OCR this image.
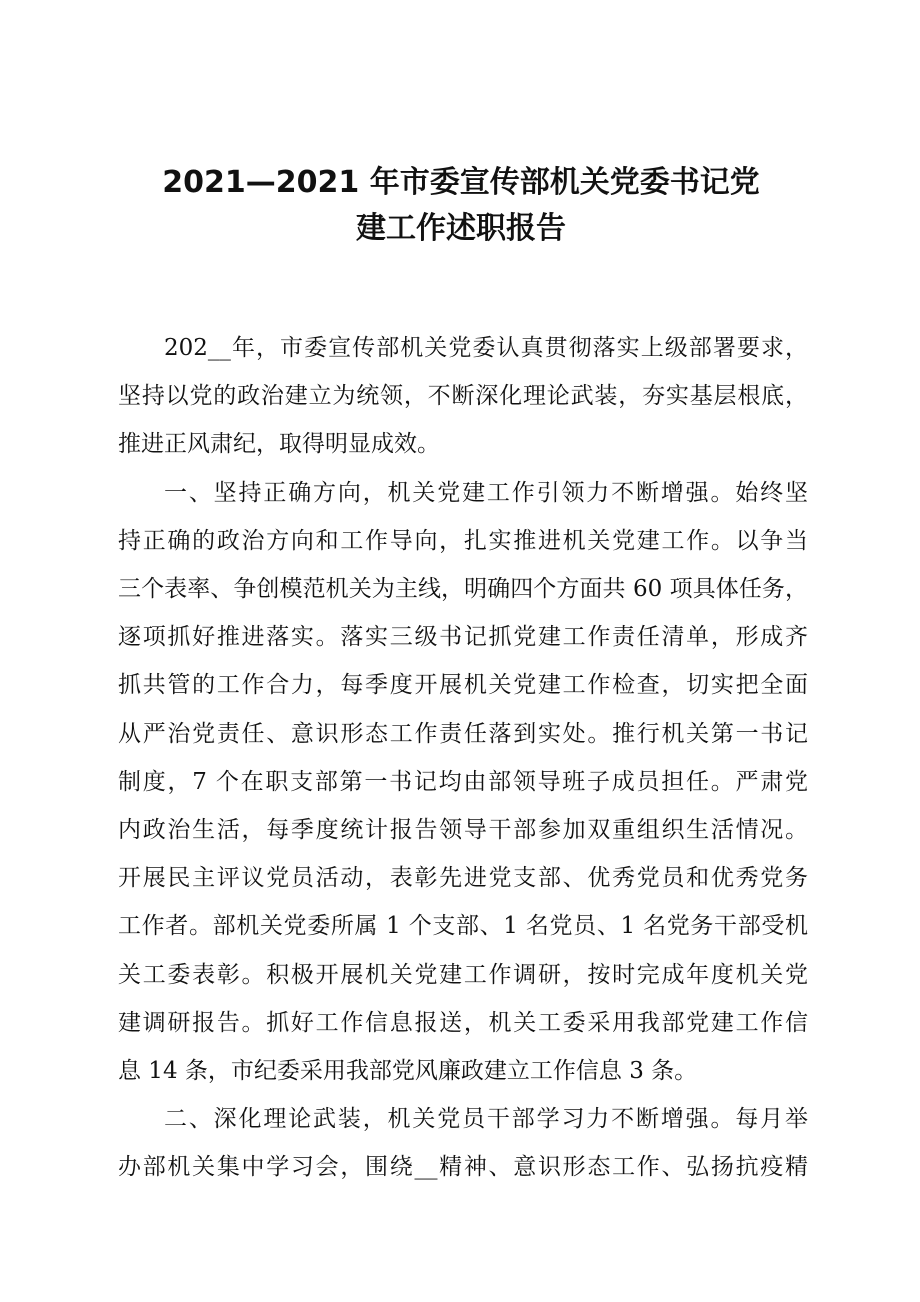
2021—2021 年市委宣传部机关党委书记党
建工作述职报告
202__年，市委宣传部机关党委认真贯彻落实上级部署要求，
坚持以党的政治建立为统领，不断深化理论武装，夯实基层根底，
推进正风肃纪，取得明显成效。
一、坚持正确方向，机关党建工作引领力不断增强。始终坚
持正确的政治方向和工作导向，扎实推进机关党建工作。以争当
三个表率、争创模范机关为主线，明确四个方面共 60 项具体任务，
逐项抓好推进落实。落实三级书记抓党建工作责任清单，形成齐
抓共管的工作合力，每季度开展机关党建工作检查，切实把全面
从严治党责任、意识形态工作责任落到实处。推行机关第一书记
制度，7 个在职支部第一书记均由部领导班子成员担任。严肃党
内政治生活，每季度统计报告领导干部参加双重组织生活情况。
开展民主评议党员活动，表彰先进党支部、优秀党员和优秀党务
工作者。部机关党委所属 1 个支部、1 名党员、1 名党务干部受机
关工委表彰。积极开展机关党建工作调研，按时完成年度机关党
建调研报告。抓好工作信息报送，机关工委采用我部党建工作信
息 14 条，市纪委采用我部党风廉政建立工作信息 3 条。
二、深化理论武装，机关党员干部学习力不断增强。每月举
办部机关集中学习会，围绕__精神、意识形态工作、弘扬抗疫精
